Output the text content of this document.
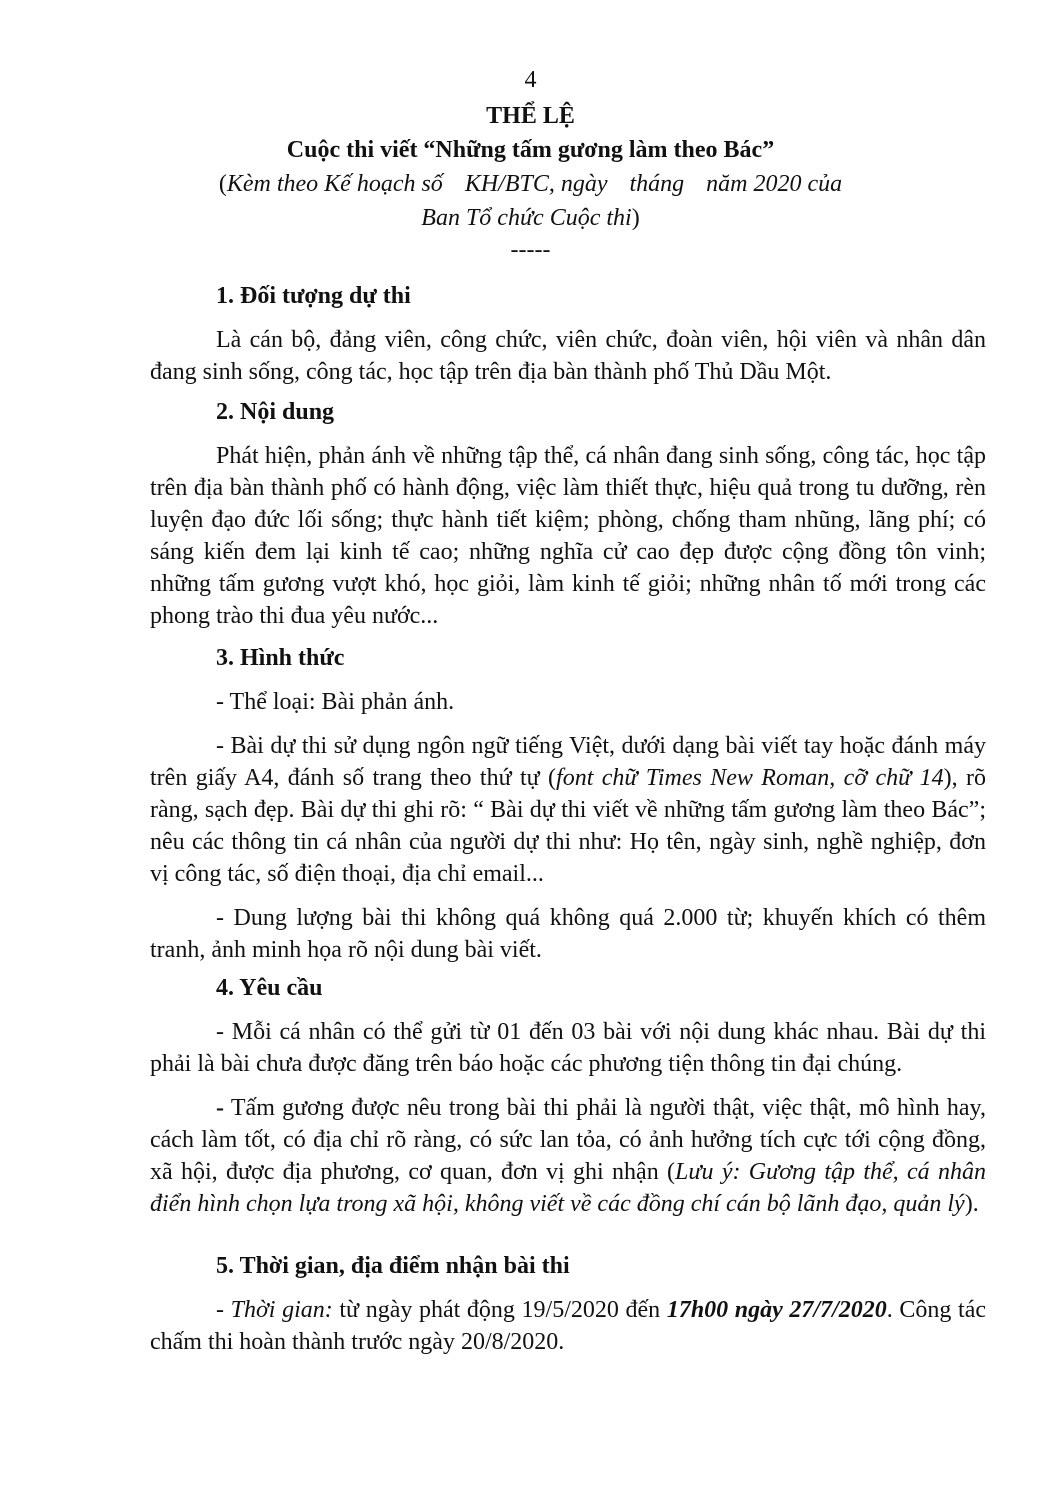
4
THỂ LỆ
Cuộc thi viết “Những tấm gương làm theo Bác”
(Kèm theo Kế hoạch số KH/BTC, ngày tháng năm 2020 của
Ban Tổ chức Cuộc thi)
-----

1. Đối tượng dự thi

Là cán bộ, đảng viên, công chức, viên chức, đoàn viên, hội viên và nhân dân đang sinh sống, công tác, học tập trên địa bàn thành phố Thủ Dầu Một.

2. Nội dung

Phát hiện, phản ánh về những tập thể, cá nhân đang sinh sống, công tác, học tập trên địa bàn thành phố có hành động, việc làm thiết thực, hiệu quả trong tu dưỡng, rèn luyện đạo đức lối sống; thực hành tiết kiệm; phòng, chống tham nhũng, lãng phí; có sáng kiến đem lại kinh tế cao; những nghĩa cử cao đẹp được cộng đồng tôn vinh; những tấm gương vượt khó, học giỏi, làm kinh tế giỏi; những nhân tố mới trong các phong trào thi đua yêu nước...

3. Hình thức

- Thể loại: Bài phản ánh.

- Bài dự thi sử dụng ngôn ngữ tiếng Việt, dưới dạng bài viết tay hoặc đánh máy trên giấy A4, đánh số trang theo thứ tự (font chữ Times New Roman, cỡ chữ 14), rõ ràng, sạch đẹp. Bài dự thi ghi rõ: “ Bài dự thi viết về những tấm gương làm theo Bác”; nêu các thông tin cá nhân của người dự thi như: Họ tên, ngày sinh, nghề nghiệp, đơn vị công tác, số điện thoại, địa chỉ email...

- Dung lượng bài thi không quá không quá 2.000 từ; khuyến khích có thêm tranh, ảnh minh họa rõ nội dung bài viết.

4. Yêu cầu

- Mỗi cá nhân có thể gửi từ 01 đến 03 bài với nội dung khác nhau. Bài dự thi phải là bài chưa được đăng trên báo hoặc các phương tiện thông tin đại chúng.

- Tấm gương được nêu trong bài thi phải là người thật, việc thật, mô hình hay, cách làm tốt, có địa chỉ rõ ràng, có sức lan tỏa, có ảnh hưởng tích cực tới cộng đồng, xã hội, được địa phương, cơ quan, đơn vị ghi nhận (Lưu ý: Gương tập thể, cá nhân điển hình chọn lựa trong xã hội, không viết về các đồng chí cán bộ lãnh đạo, quản lý).

5. Thời gian, địa điểm nhận bài thi

- Thời gian: từ ngày phát động 19/5/2020 đến 17h00 ngày 27/7/2020. Công tác chấm thi hoàn thành trước ngày 20/8/2020.
